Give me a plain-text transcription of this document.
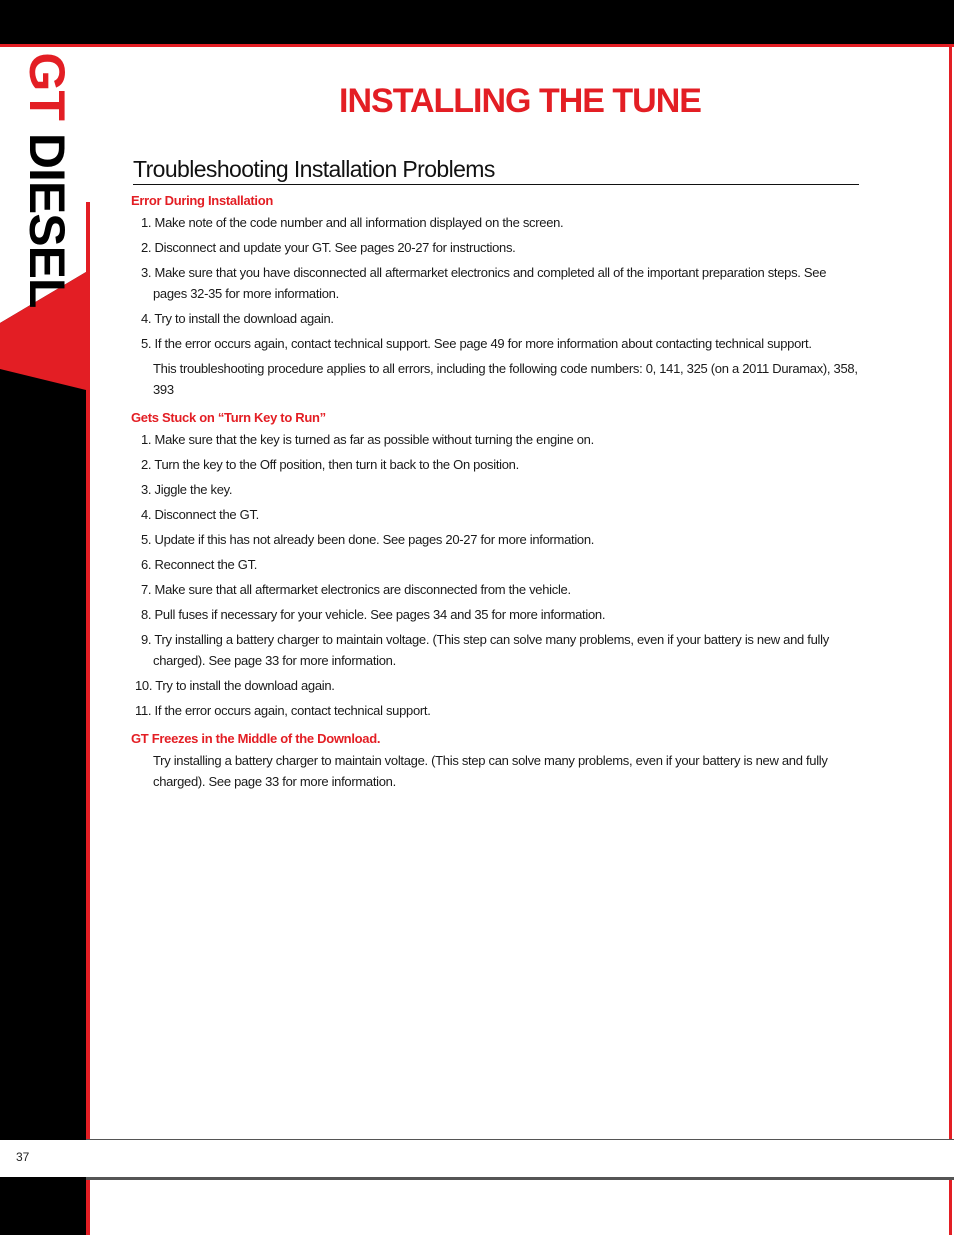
GT DIESEL
37
INSTALLING THE TUNE
Troubleshooting Installation Problems
Error During Installation
1. Make note of the code number and all information displayed on the screen.
2. Disconnect and update your GT. See pages 20-27 for instructions.
3. Make sure that you have disconnected all aftermarket electronics and completed all of the important preparation steps. See pages 32-35 for more information.
4. Try to install the download again.
5. If the error occurs again, contact technical support. See page 49 for more information about contacting technical support.

This troubleshooting procedure applies to all errors, including the following code numbers: 0, 141, 325 (on a 2011 Duramax), 358, 393

Gets Stuck on “Turn Key to Run”
1. Make sure that the key is turned as far as possible without turning the engine on.
2. Turn the key to the Off position, then turn it back to the On position.
3. Jiggle the key.
4. Disconnect the GT.
5. Update if this has not already been done. See pages 20-27 for more information.
6. Reconnect the GT.
7. Make sure that all aftermarket electronics are disconnected from the vehicle.
8. Pull fuses if necessary for your vehicle. See pages 34 and 35 for more information.
9. Try installing a battery charger to maintain voltage. (This step can solve many problems, even if your battery is new and fully charged). See page 33 for more information.
10. Try to install the download again.
11. If the error occurs again, contact technical support.
GT Freezes in the Middle of the Download.

Try installing a battery charger to maintain voltage. (This step can solve many problems, even if your battery is new and fully charged). See page 33 for more information.
